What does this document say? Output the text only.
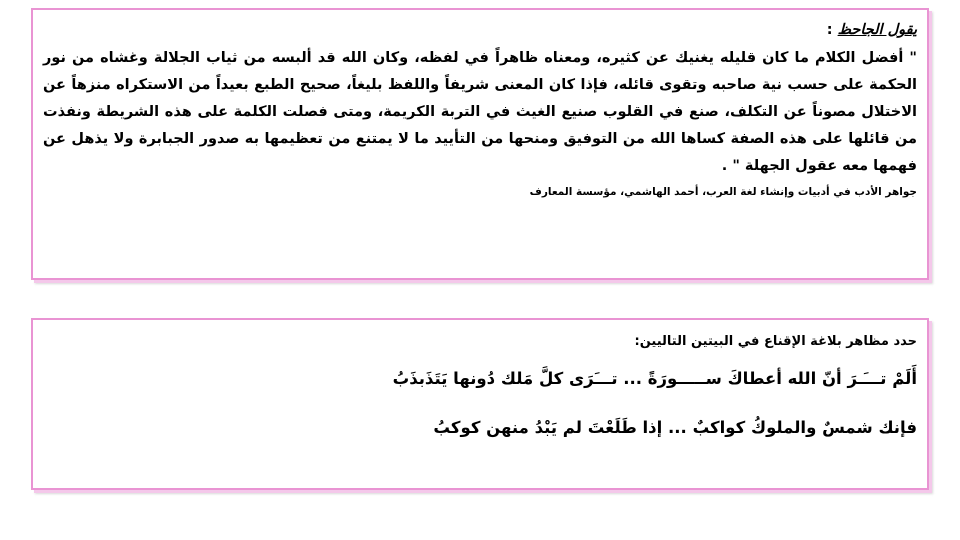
يقول الجاحظ :

" أفضل الكلام ما كان قليله يغنيك عن كثيره، ومعناه ظاهراً في لفظه، وكان الله قد ألبسه من ثياب الجلالة وغشاه من نور الحكمة على حسب نية صاحبه وتقوى قائله، فإذا كان المعنى شريفاً واللفظ بليغاً، صحيح الطبع بعيداً من الاستكراه منزهاً عن الاختلال مصوناً عن التكلف، صنع في القلوب صنيع الغيث في التربة الكريمة، ومتى فصلت الكلمة على هذه الشريطة ونفذت من قائلها على هذه الصفة كساها الله من التوفيق ومنحها من التأييد ما لا يمتنع من تعظيمها به صدور الجبابرة ولا يذهل عن فهمها معه عقول الجهلة " .

جواهر الأدب في أدبيات وإنشاء لغة العرب، أحمد الهاشمي، مؤسسة المعارف

حدد مظاهر بلاغة الإقناع في البيتين التاليين:

أَلَمْ تـــَـرَ أنّ الله أعطاكَ ســـــورَةً ... تـــَرَى كلَّ مَلك دُونها يَتَذَبذَبُ

فإنك شمسٌ والملوكُ كواكبٌ ... إذا طَلَعْتَ لم يَبْدُ منهن كوكبُ
